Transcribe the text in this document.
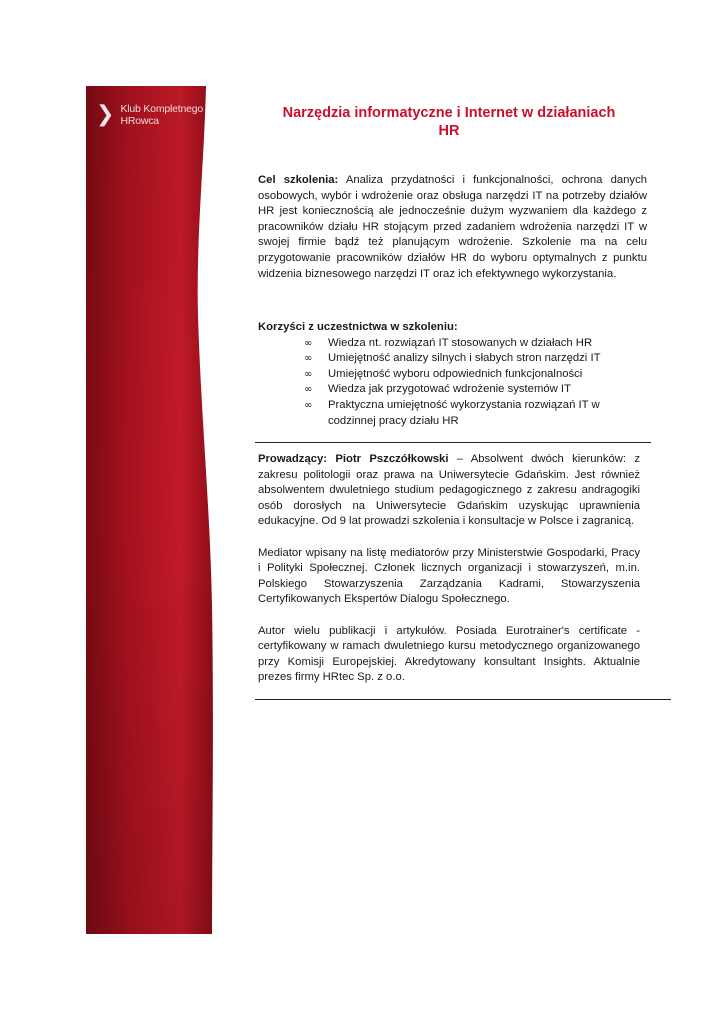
❯ Klub Kompletnego
HRowca	Narzędzia informatyczne i Internet w działaniach
HR
Cel szkolenia: Analiza przydatności i funkcjonalności, ochrona danych osobowych, wybór i wdrożenie oraz obsługa narzędzi IT na potrzeby działów HR jest koniecznością ale jednocześnie dużym wyzwaniem dla każdego z pracowników działu HR stojącym przed zadaniem wdrożenia narzędzi IT w swojej firmie bądź też planującym wdrożenie. Szkolenie ma na celu przygotowanie pracowników działów HR do wyboru optymalnych z punktu widzenia biznesowego narzędzi IT oraz ich efektywnego wykorzystania.
Korzyści z uczestnictwa w szkoleniu:
∞ Wiedza nt. rozwiązań IT stosowanych w działach HR
∞ Umiejętność analizy silnych i słabych stron narzędzi IT
∞ Umiejętność wyboru odpowiednich funkcjonalności
∞ Wiedza jak przygotować wdrożenie systemów IT
∞ Praktyczna umiejętność wykorzystania rozwiązań IT w codzinnej pracy działu HR

Prowadzący: Piotr Pszczółkowski – Absolwent dwóch kierunków: z zakresu politologii oraz prawa na Uniwersytecie Gdańskim. Jest również absolwentem dwuletniego studium pedagogicznego z zakresu andragogiki osób dorosłych na Uniwersytecie Gdańskim uzyskując uprawnienia edukacyjne. Od 9 lat prowadzi szkolenia i konsultacje w Polsce i zagranicą.

Mediator wpisany na listę mediatorów przy Ministerstwie Gospodarki, Pracy i Polityki Społecznej. Członek licznych organizacji i stowarzyszeń, m.in. Polskiego Stowarzyszenia Zarządzania Kadrami, Stowarzyszenia Certyfikowanych Ekspertów Dialogu Społecznego.

Autor wielu publikacji i artykułów. Posiada Eurotrainer's certificate - certyfikowany w ramach dwuletniego kursu metodycznego organizowanego przy Komisji Europejskiej. Akredytowany konsultant Insights. Aktualnie prezes firmy HRtec Sp. z o.o.
